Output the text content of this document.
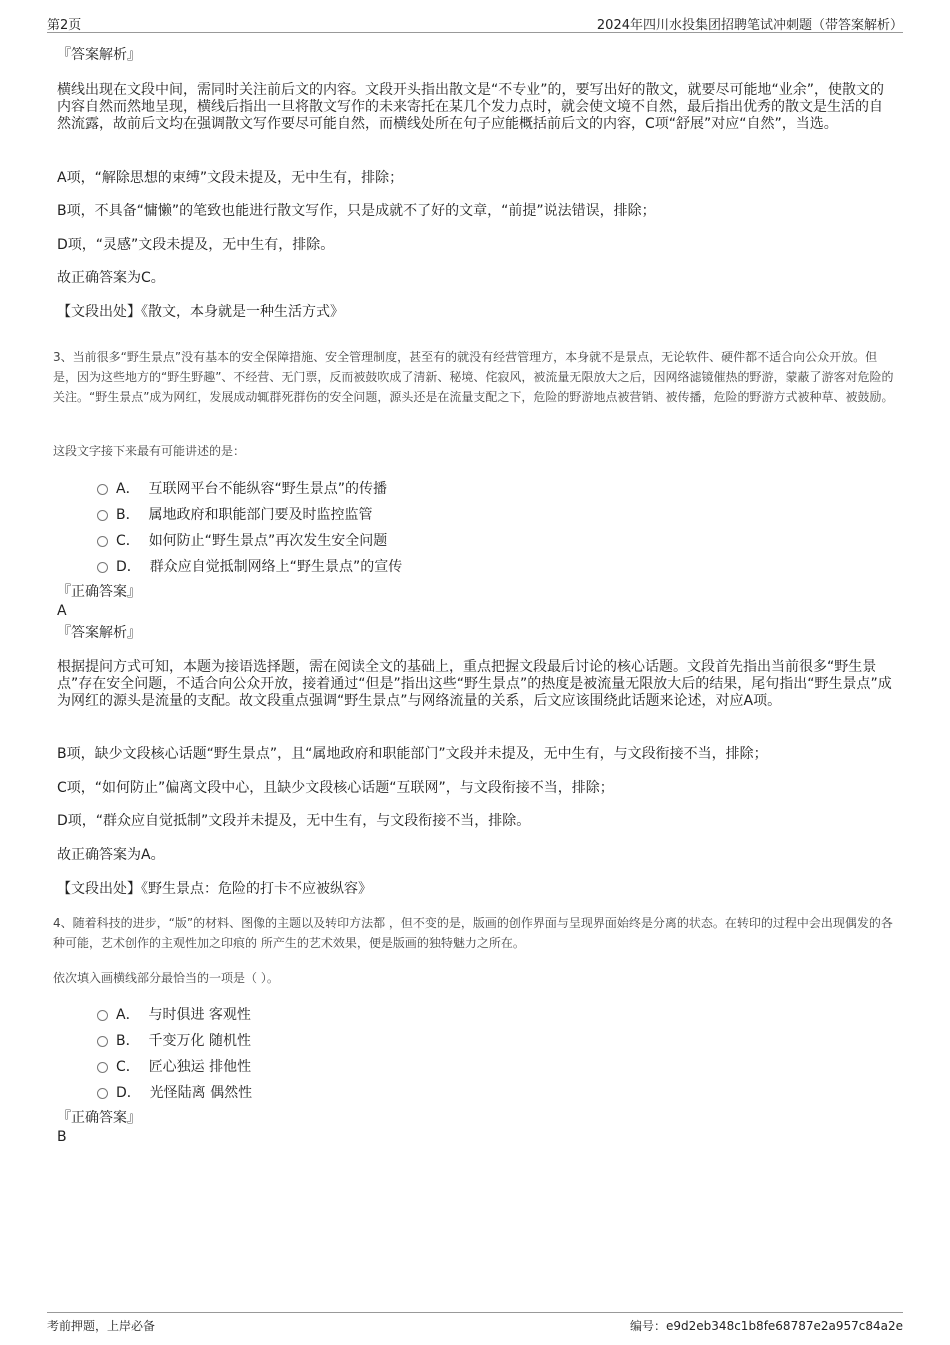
第2页	2024年四川水投集团招聘笔试冲刺题（带答案解析）
『答案解析』
横线出现在文段中间，需同时关注前后文的内容。文段开头指出散文是“不专业”的，要写出好的散文，就要尽可能地“业余”，使散文的内容自然而然地呈现，横线后指出一旦将散文写作的未来寄托在某几个发力点时，就会使文境不自然，最后指出优秀的散文是生活的自然流露，故前后文均在强调散文写作要尽可能自然，而横线处所在句子应能概括前后文的内容，C项“舒展”对应“自然”，当选。
A项，“解除思想的束缚”文段未提及，无中生有，排除；
B项，不具备“慵懒”的笔致也能进行散文写作，只是成就不了好的文章，“前提”说法错误，排除；
D项，“灵感”文段未提及，无中生有，排除。
故正确答案为C。
【文段出处】《散文，本身就是一种生活方式》
3、当前很多“野生景点”没有基本的安全保障措施、安全管理制度，甚至有的就没有经营管理方，本身就不是景点，无论软件、硬件都不适合向公众开放。但是，因为这些地方的“野生野趣”、不经营、无门票，反而被鼓吹成了清新、秘境、侘寂风，被流量无限放大之后，因网络滤镜催热的野游，蒙蔽了游客对危险的关注。“野生景点”成为网红，发展成动辄群死群伤的安全问题，源头还是在流量支配之下，危险的野游地点被营销、被传播，危险的野游方式被种草、被鼓励。
这段文字接下来最有可能讲述的是：
A． 互联网平台不能纵容“野生景点”的传播
B． 属地政府和职能部门要及时监控监管
C． 如何防止“野生景点”再次发生安全问题
D． 群众应自觉抵制网络上“野生景点”的宣传
『正确答案』
A
『答案解析』
根据提问方式可知，本题为接语选择题，需在阅读全文的基础上，重点把握文段最后讨论的核心话题。文段首先指出当前很多“野生景点”存在安全问题，不适合向公众开放，接着通过“但是”指出这些“野生景点”的热度是被流量无限放大后的结果，尾句指出“野生景点”成为网红的源头是流量的支配。故文段重点强调“野生景点”与网络流量的关系，后文应该围绕此话题来论述，对应A项。
B项，缺少文段核心话题“野生景点”，且“属地政府和职能部门”文段并未提及，无中生有，与文段衔接不当，排除；
C项，“如何防止”偏离文段中心，且缺少文段核心话题“互联网”，与文段衔接不当，排除；
D项，“群众应自觉抵制”文段并未提及，无中生有，与文段衔接不当，排除。
故正确答案为A。
【文段出处】《野生景点：危险的打卡不应被纵容》
4、随着科技的进步，“版”的材料、图像的主题以及转印方法都 ，但不变的是，版画的创作界面与呈现界面始终是分离的状态。在转印的过程中会出现偶发的各种可能，艺术创作的主观性加之印痕的 所产生的艺术效果，便是版画的独特魅力之所在。
依次填入画横线部分最恰当的一项是（ ）。
A． 与时俱进 客观性
B． 千变万化 随机性
C． 匠心独运 排他性
D． 光怪陆离 偶然性
『正确答案』
B
考前押题，上岸必备	编号：e9d2eb348c1b8fe68787e2a957c84a2e
